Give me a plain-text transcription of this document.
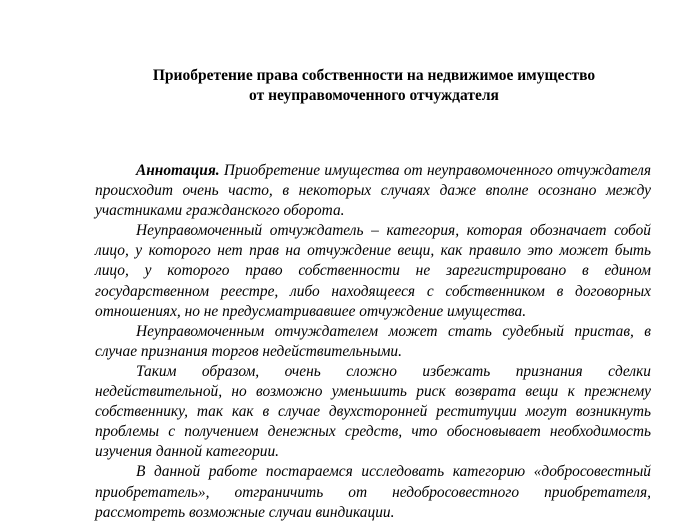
Приобретение права собственности на недвижимое имущество
от неуправомоченного отчуждателя

Аннотация. Приобретение имущества от неуправомоченного отчуждателя происходит очень часто, в некоторых случаях даже вполне осознано между участниками гражданского оборота.

Неуправомоченный отчуждатель – категория, которая обозначает собой лицо, у которого нет прав на отчуждение вещи, как правило это может быть лицо, у которого право собственности не зарегистрировано в едином государственном реестре, либо находящееся с собственником в договорных отношениях, но не предусматривавшее отчуждение имущества.

Неуправомоченным отчуждателем может стать судебный пристав, в случае признания торгов недействительными.

Таким образом, очень сложно избежать признания сделки недействительной, но возможно уменьшить риск возврата вещи к прежнему собственнику, так как в случае двухсторонней реституции могут возникнуть проблемы с получением денежных средств, что обосновывает необходимость изучения данной категории.

В данной работе постараемся исследовать категорию «добросовестный приобретатель», отграничить от недобросовестного приобретателя, рассмотреть возможные случаи виндикации.
